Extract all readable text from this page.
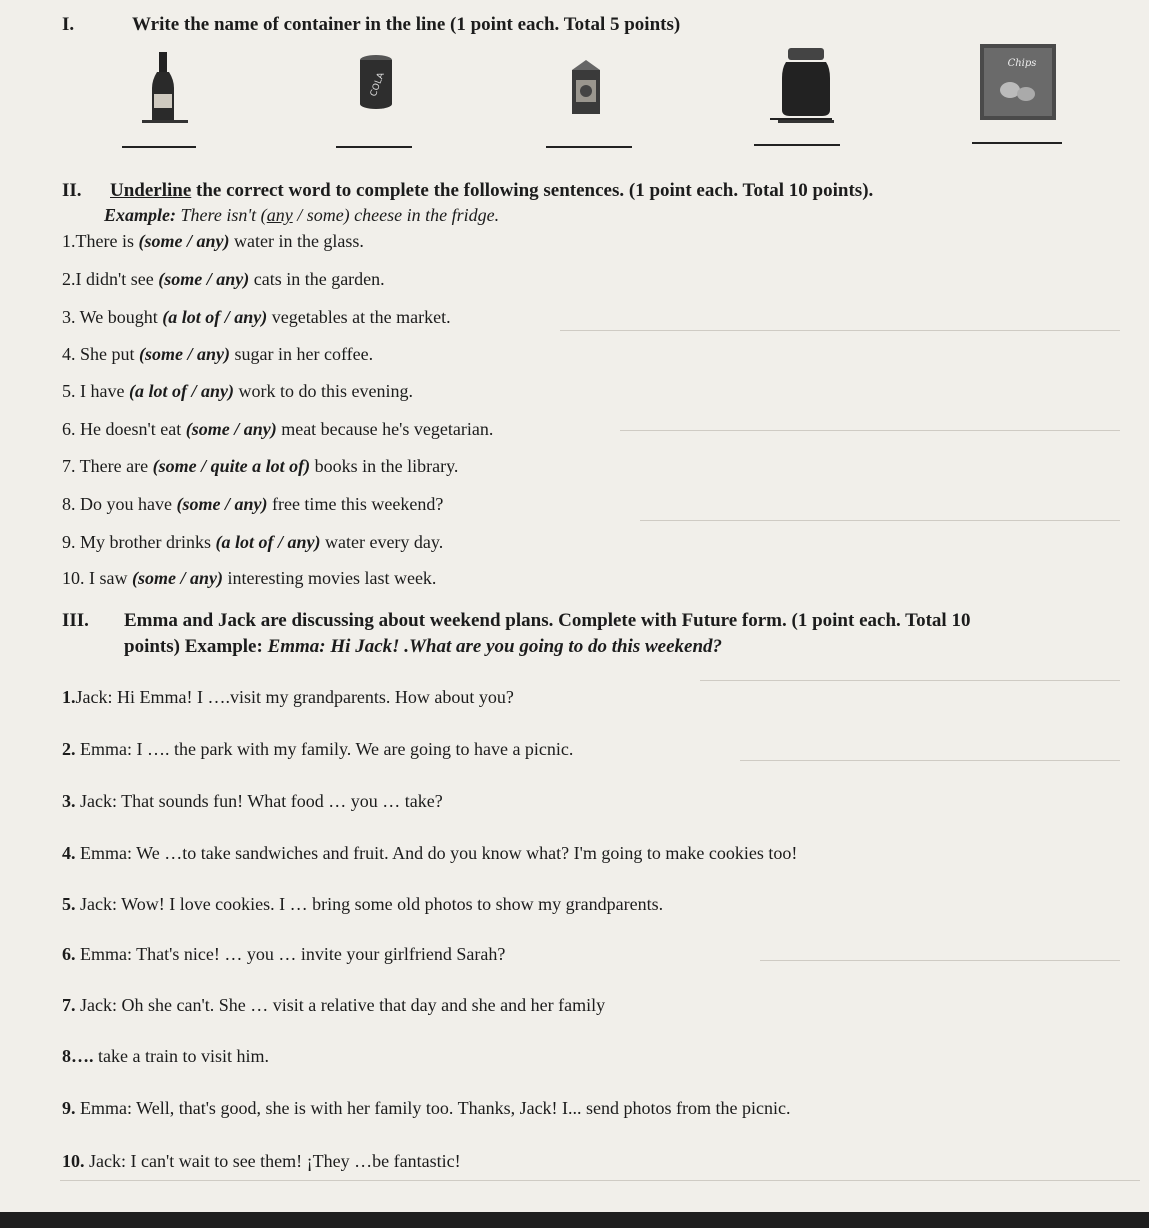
I.	Write the name of container in the line (1 point each. Total 5 points)
COLA
Chips
II. Underline the correct word to complete the following sentences. (1 point each. Total 10 points).
Example: There isn't (any / some) cheese in the fridge.
1.There is (some / any) water in the glass.
2.I didn't see (some / any) cats in the garden.
3. We bought (a lot of / any) vegetables at the market.
4. She put (some / any) sugar in her coffee.
5. I have (a lot of / any) work to do this evening.
6. He doesn't eat (some / any) meat because he's vegetarian.
7. There are (some / quite a lot of) books in the library.
8. Do you have (some / any) free time this weekend?
9. My brother drinks (a lot of / any) water every day.
10. I saw (some / any) interesting movies last week.
III. Emma and Jack are discussing about weekend plans. Complete with Future form. (1 point each. Total 10
points) Example: Emma: Hi Jack! .What are you going to do this weekend?
1.Jack: Hi Emma! I ….visit my grandparents. How about you?
2. Emma: I …. the park with my family. We are going to have a picnic.
3. Jack: That sounds fun! What food … you … take?
4. Emma: We …to take sandwiches and fruit. And do you know what? I'm going to make cookies too!
5. Jack: Wow! I love cookies. I … bring some old photos to show my grandparents.
6. Emma: That's nice! … you … invite your girlfriend Sarah?
7. Jack: Oh she can't. She … visit a relative that day and she and her family
8…. take a train to visit him.
9. Emma: Well, that's good, she is with her family too. Thanks, Jack! I... send photos from the picnic.
10. Jack: I can't wait to see them! ¡They …be fantastic!
